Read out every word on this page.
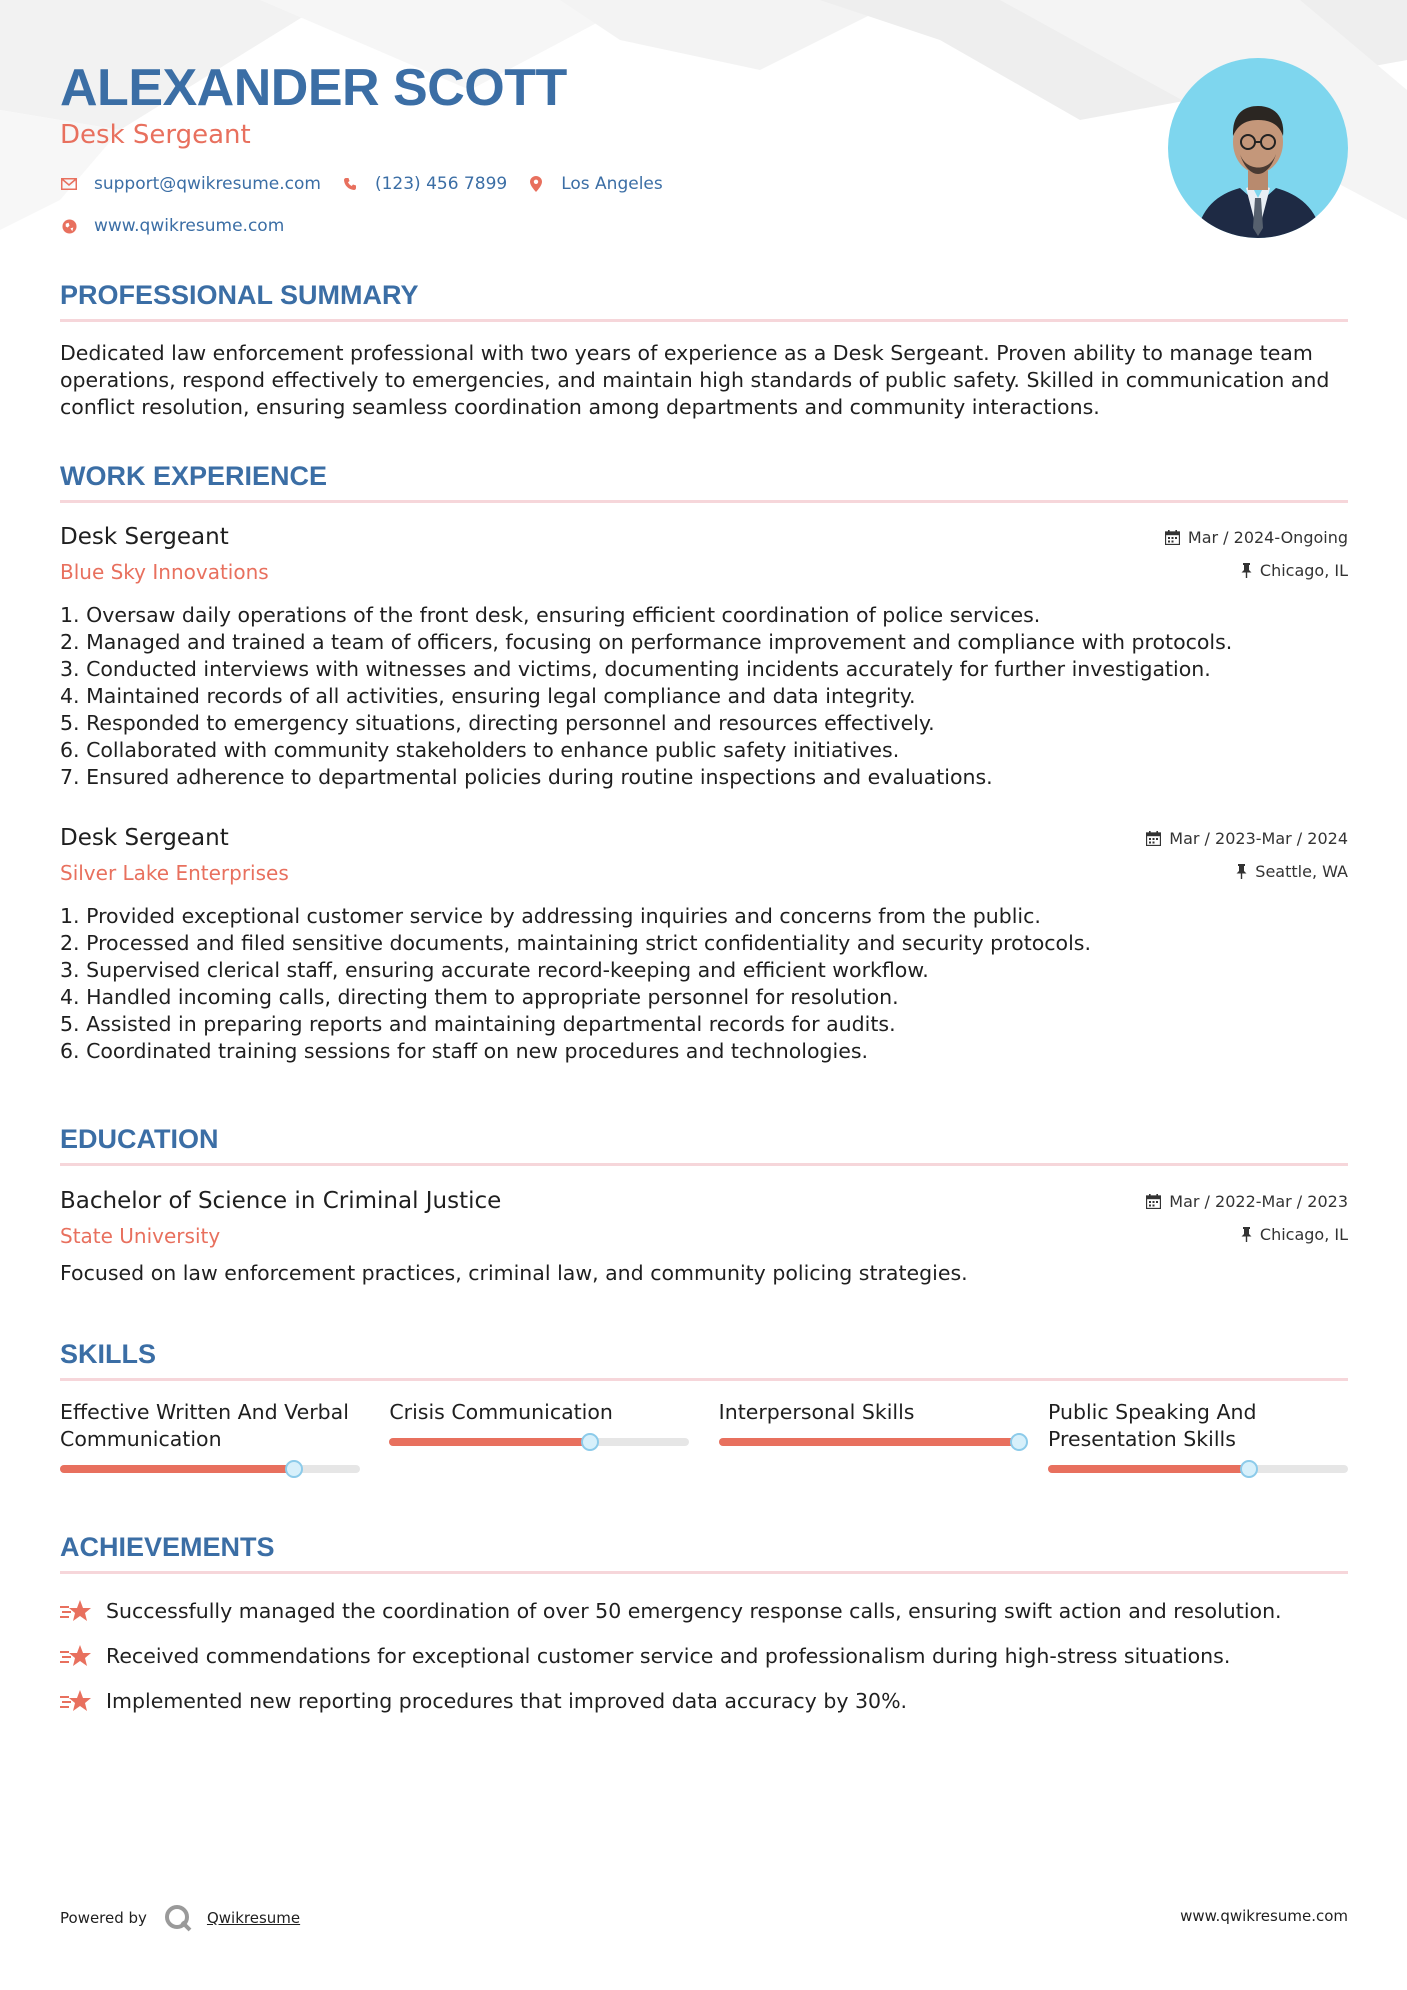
ALEXANDER SCOTT
Desk Sergeant
support@qwikresume.com	(123) 456 7899	Los Angeles
www.qwikresume.com
PROFESSIONAL SUMMARY

Dedicated law enforcement professional with two years of experience as a Desk Sergeant. Proven ability to manage team operations, respond effectively to emergencies, and maintain high standards of public safety. Skilled in communication and conflict resolution, ensuring seamless coordination among departments and community interactions.

WORK EXPERIENCE
Desk Sergeant
Blue Sky Innovations
Mar / 2024-Ongoing
Chicago, IL
1. Oversaw daily operations of the front desk, ensuring efficient coordination of police services.
2. Managed and trained a team of officers, focusing on performance improvement and compliance with protocols.
3. Conducted interviews with witnesses and victims, documenting incidents accurately for further investigation.
4. Maintained records of all activities, ensuring legal compliance and data integrity.
5. Responded to emergency situations, directing personnel and resources effectively.
6. Collaborated with community stakeholders to enhance public safety initiatives.
7. Ensured adherence to departmental policies during routine inspections and evaluations.
Desk Sergeant
Silver Lake Enterprises
Mar / 2023-Mar / 2024
Seattle, WA
1. Provided exceptional customer service by addressing inquiries and concerns from the public.
2. Processed and filed sensitive documents, maintaining strict confidentiality and security protocols.
3. Supervised clerical staff, ensuring accurate record-keeping and efficient workflow.
4. Handled incoming calls, directing them to appropriate personnel for resolution.
5. Assisted in preparing reports and maintaining departmental records for audits.
6. Coordinated training sessions for staff on new procedures and technologies.
EDUCATION
Bachelor of Science in Criminal Justice
State University
Mar / 2022-Mar / 2023
Chicago, IL
Focused on law enforcement practices, criminal law, and community policing strategies.
SKILLS
Effective Written And Verbal Communication
Crisis Communication	Interpersonal Skills	Public Speaking And Presentation Skills
ACHIEVEMENTS
Successfully managed the coordination of over 50 emergency response calls, ensuring swift action and resolution.
Received commendations for exceptional customer service and professionalism during high-stress situations.
Implemented new reporting procedures that improved data accuracy by 30%.
Powered by	Qwikresume	www.qwikresume.com
